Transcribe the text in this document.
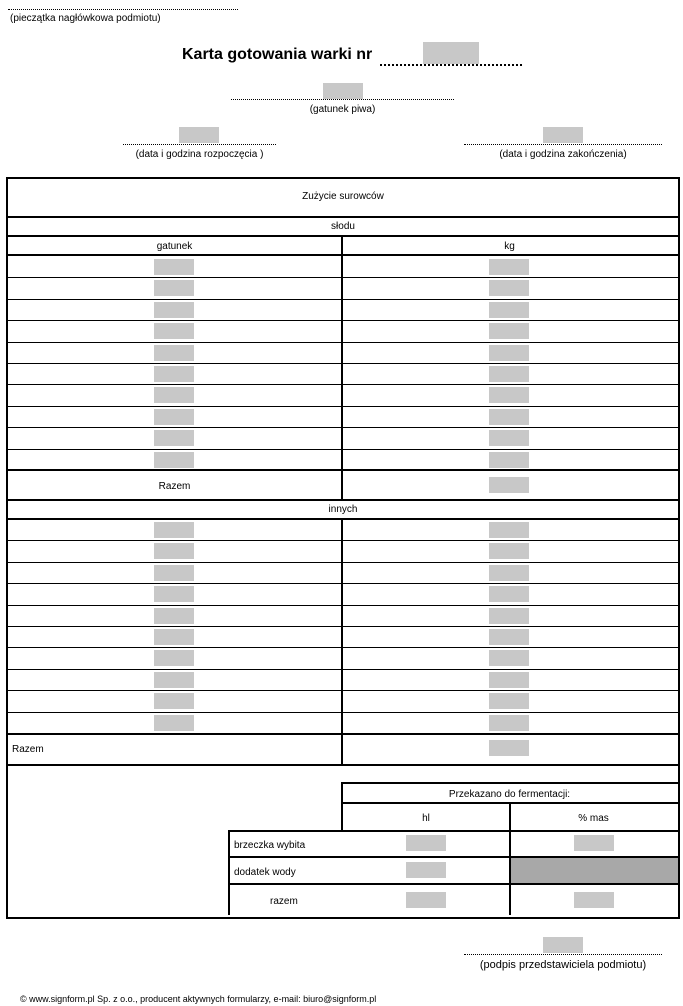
(pieczątka nagłówkowa podmiotu)
Karta gotowania warki nr
(gatunek piwa)
(data i godzina rozpoczęcia )	(data i godzina zakończenia)
Zużycie surowców
słodu
gatunek	kg
Razem
innych
Razem
Przekazano do fermentacji:
hl	% mas
brzeczka wybita
dodatek wody
razem
(podpis przedstawiciela podmiotu)
© www.signform.pl Sp. z o.o., producent aktywnych formularzy, e-mail: biuro@signform.pl
